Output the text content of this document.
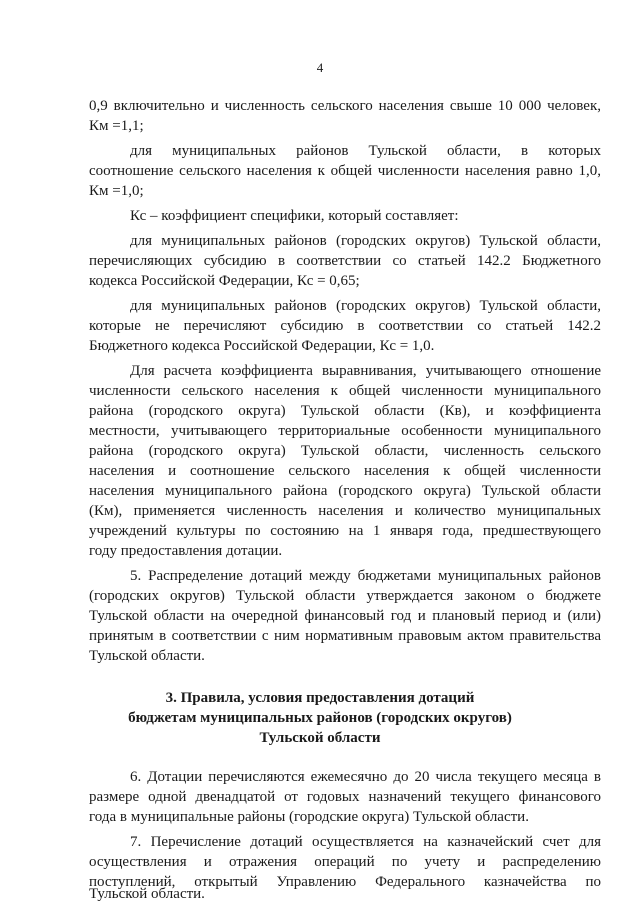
4
0,9 включительно и численность сельского населения свыше 10 000 человек,
Км =1,1;
для муниципальных районов Тульской области, в которых
соотношение сельского населения к общей численности населения равно 1,0,
Км =1,0;
Кс – коэффициент специфики, который составляет:
для муниципальных районов (городских округов) Тульской области,
перечисляющих субсидию в соответствии со статьей 142.2 Бюджетного
кодекса Российской Федерации, Кс = 0,65;
для муниципальных районов (городских округов) Тульской области,
которые не перечисляют субсидию в соответствии со статьей 142.2
Бюджетного кодекса Российской Федерации, Кс = 1,0.
Для расчета коэффициента выравнивания, учитывающего отношение
численности сельского населения к общей численности муниципального
района (городского округа) Тульской области (Кв), и коэффициента
местности, учитывающего территориальные особенности муниципального
района (городского округа) Тульской области, численность сельского
населения и соотношение сельского населения к общей численности
населения муниципального района (городского округа) Тульской области
(Км), применяется численность населения и количество муниципальных
учреждений культуры по состоянию на 1 января года, предшествующего
году предоставления дотации.
5. Распределение дотаций между бюджетами муниципальных районов
(городских округов) Тульской области утверждается законом о бюджете
Тульской области на очередной финансовый год и плановый период и (или)
принятым в соответствии с ним нормативным правовым актом правительства
Тульской области.
3. Правила, условия предоставления дотаций
бюджетам муниципальных районов (городских округов)
Тульской области
6. Дотации перечисляются ежемесячно до 20 числа текущего месяца в
размере одной двенадцатой от годовых назначений текущего финансового
года в муниципальные районы (городские округа) Тульской области.
7. Перечисление дотаций осуществляется на казначейский счет для
осуществления и отражения операций по учету и распределению
поступлений, открытый Управлению Федерального казначейства по
Тульской области.
